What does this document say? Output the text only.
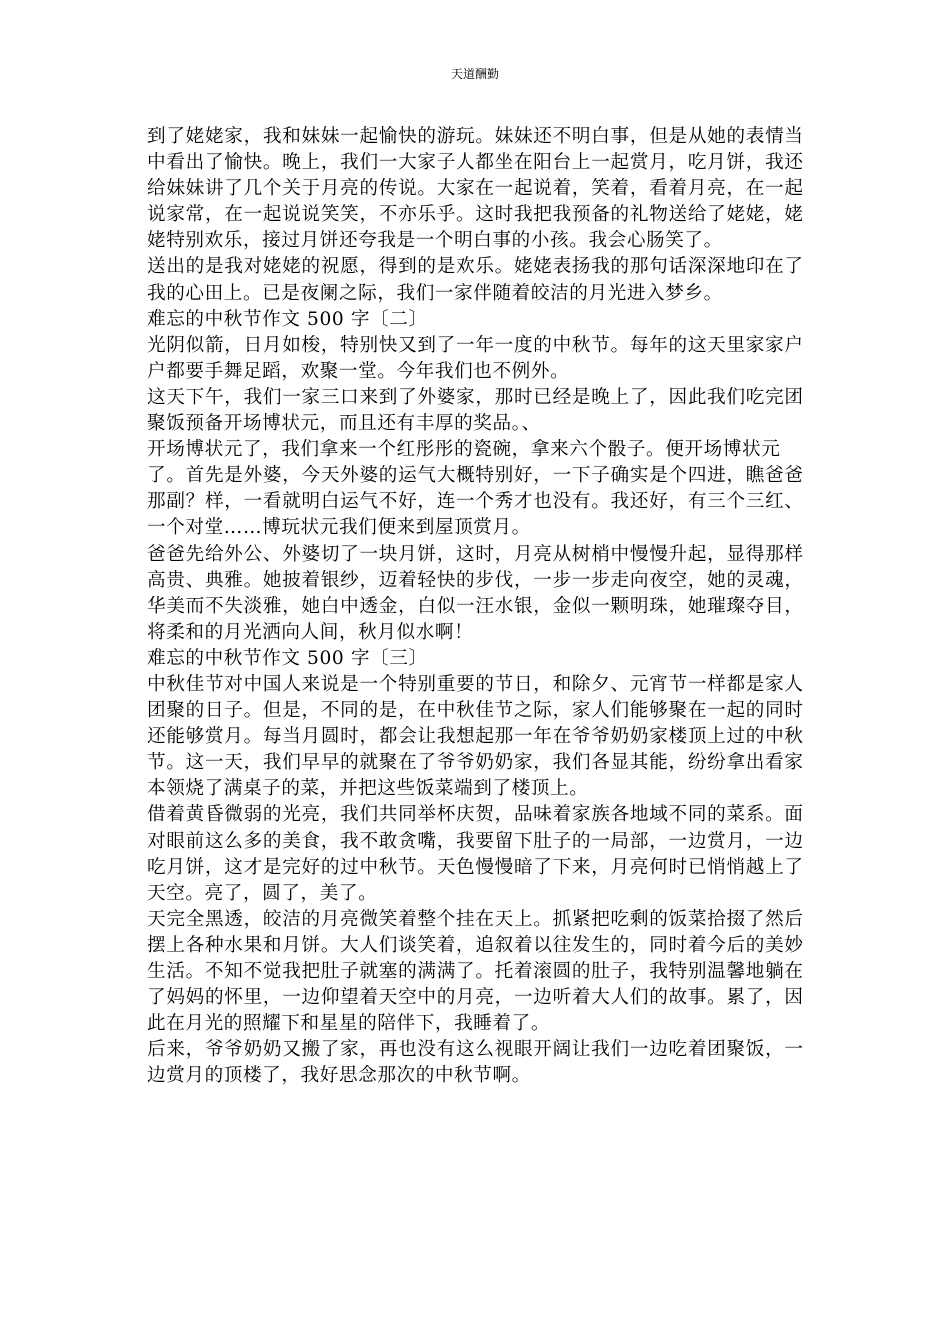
天道酬勤
到了姥姥家，我和妹妹一起愉快的游玩。妹妹还不明白事，但是从她的表情当
中看出了愉快。晚上，我们一大家子人都坐在阳台上一起赏月，吃月饼，我还
给妹妹讲了几个关于月亮的传说。大家在一起说着，笑着，看着月亮，在一起
说家常，在一起说说笑笑，不亦乐乎。这时我把我预备的礼物送给了姥姥，姥
姥特别欢乐，接过月饼还夸我是一个明白事的小孩。我会心肠笑了。
送出的是我对姥姥的祝愿，得到的是欢乐。姥姥表扬我的那句话深深地印在了
我的心田上。已是夜阑之际，我们一家伴随着皎洁的月光进入梦乡。
难忘的中秋节作文 500 字〔二〕
光阴似箭，日月如梭，特别快又到了一年一度的中秋节。每年的这天里家家户
户都要手舞足蹈，欢聚一堂。今年我们也不例外。
这天下午，我们一家三口来到了外婆家，那时已经是晚上了，因此我们吃完团
聚饭预备开场博状元，而且还有丰厚的奖品。、
开场博状元了，我们拿来一个红彤彤的瓷碗，拿来六个骰子。便开场博状元
了。首先是外婆，今天外婆的运气大概特别好，一下子确实是个四进，瞧爸爸
那副？样，一看就明白运气不好，连一个秀才也没有。我还好，有三个三红、
一个对堂……博玩状元我们便来到屋顶赏月。
爸爸先给外公、外婆切了一块月饼，这时，月亮从树梢中慢慢升起，显得那样
高贵、典雅。她披着银纱，迈着轻快的步伐，一步一步走向夜空，她的灵魂，
华美而不失淡雅，她白中透金，白似一汪水银，金似一颗明珠，她璀璨夺目，
将柔和的月光洒向人间，秋月似水啊！
难忘的中秋节作文 500 字〔三〕
中秋佳节对中国人来说是一个特别重要的节日，和除夕、元宵节一样都是家人
团聚的日子。但是，不同的是，在中秋佳节之际，家人们能够聚在一起的同时
还能够赏月。每当月圆时，都会让我想起那一年在爷爷奶奶家楼顶上过的中秋
节。这一天，我们早早的就聚在了爷爷奶奶家，我们各显其能，纷纷拿出看家
本领烧了满桌子的菜，并把这些饭菜端到了楼顶上。
借着黄昏微弱的光亮，我们共同举杯庆贺，品味着家族各地域不同的菜系。面
对眼前这么多的美食，我不敢贪嘴，我要留下肚子的一局部，一边赏月，一边
吃月饼，这才是完好的过中秋节。天色慢慢暗了下来，月亮何时已悄悄越上了
天空。亮了，圆了，美了。
天完全黑透，皎洁的月亮微笑着整个挂在天上。抓紧把吃剩的饭菜拾掇了然后
摆上各种水果和月饼。大人们谈笑着，追叙着以往发生的，同时着今后的美妙
生活。不知不觉我把肚子就塞的满满了。托着滚圆的肚子，我特别温馨地躺在
了妈妈的怀里，一边仰望着天空中的月亮，一边听着大人们的故事。累了，因
此在月光的照耀下和星星的陪伴下，我睡着了。
后来，爷爷奶奶又搬了家，再也没有这么视眼开阔让我们一边吃着团聚饭，一
边赏月的顶楼了，我好思念那次的中秋节啊。
